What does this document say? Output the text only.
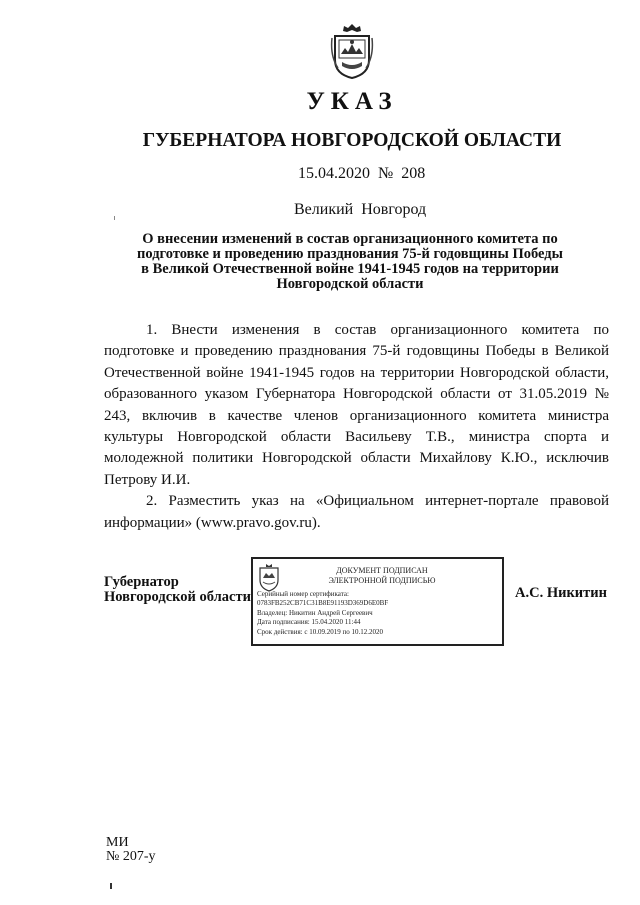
УКАЗ
ГУБЕРНАТОРА НОВГОРОДСКОЙ ОБЛАСТИ
15.04.2020  №  208
Великий  Новгород
О внесении изменений в состав организационного комитета по
подготовке и проведению празднования 75-й годовщины Победы
в Великой Отечественной войне 1941-1945 годов на территории
Новгородской области

1. Внести изменения в состав организационного комитета по подготовке и проведению празднования 75-й годовщины Победы в Великой Отечественной войне 1941-1945 годов на территории Новгородской области, образованного указом Губернатора Новгородской области от 31.05.2019 № 243, включив в качестве членов организационного комитета министра культуры Новгородской области Васильеву Т.В., министра спорта и молодежной политики Новгородской области Михайлову К.Ю., исключив Петрову И.И.

2. Разместить указ на «Официальном интернет-портале правовой информации» (www.pravo.gov.ru).

Губернатор
Новгородской области
ДОКУМЕНТ ПОДПИСАН
ЭЛЕКТРОННОЙ ПОДПИСЬЮ
Серийный номер сертификата:
0783FB252CB71C31B8E91193D369D6E0BF
Владелец: Никитин Андрей Сергеевич
Дата подписания: 15.04.2020 11:44
Срок действия: с 10.09.2019 по 10.12.2020
А.С. Никитин
МИ
№ 207-у
